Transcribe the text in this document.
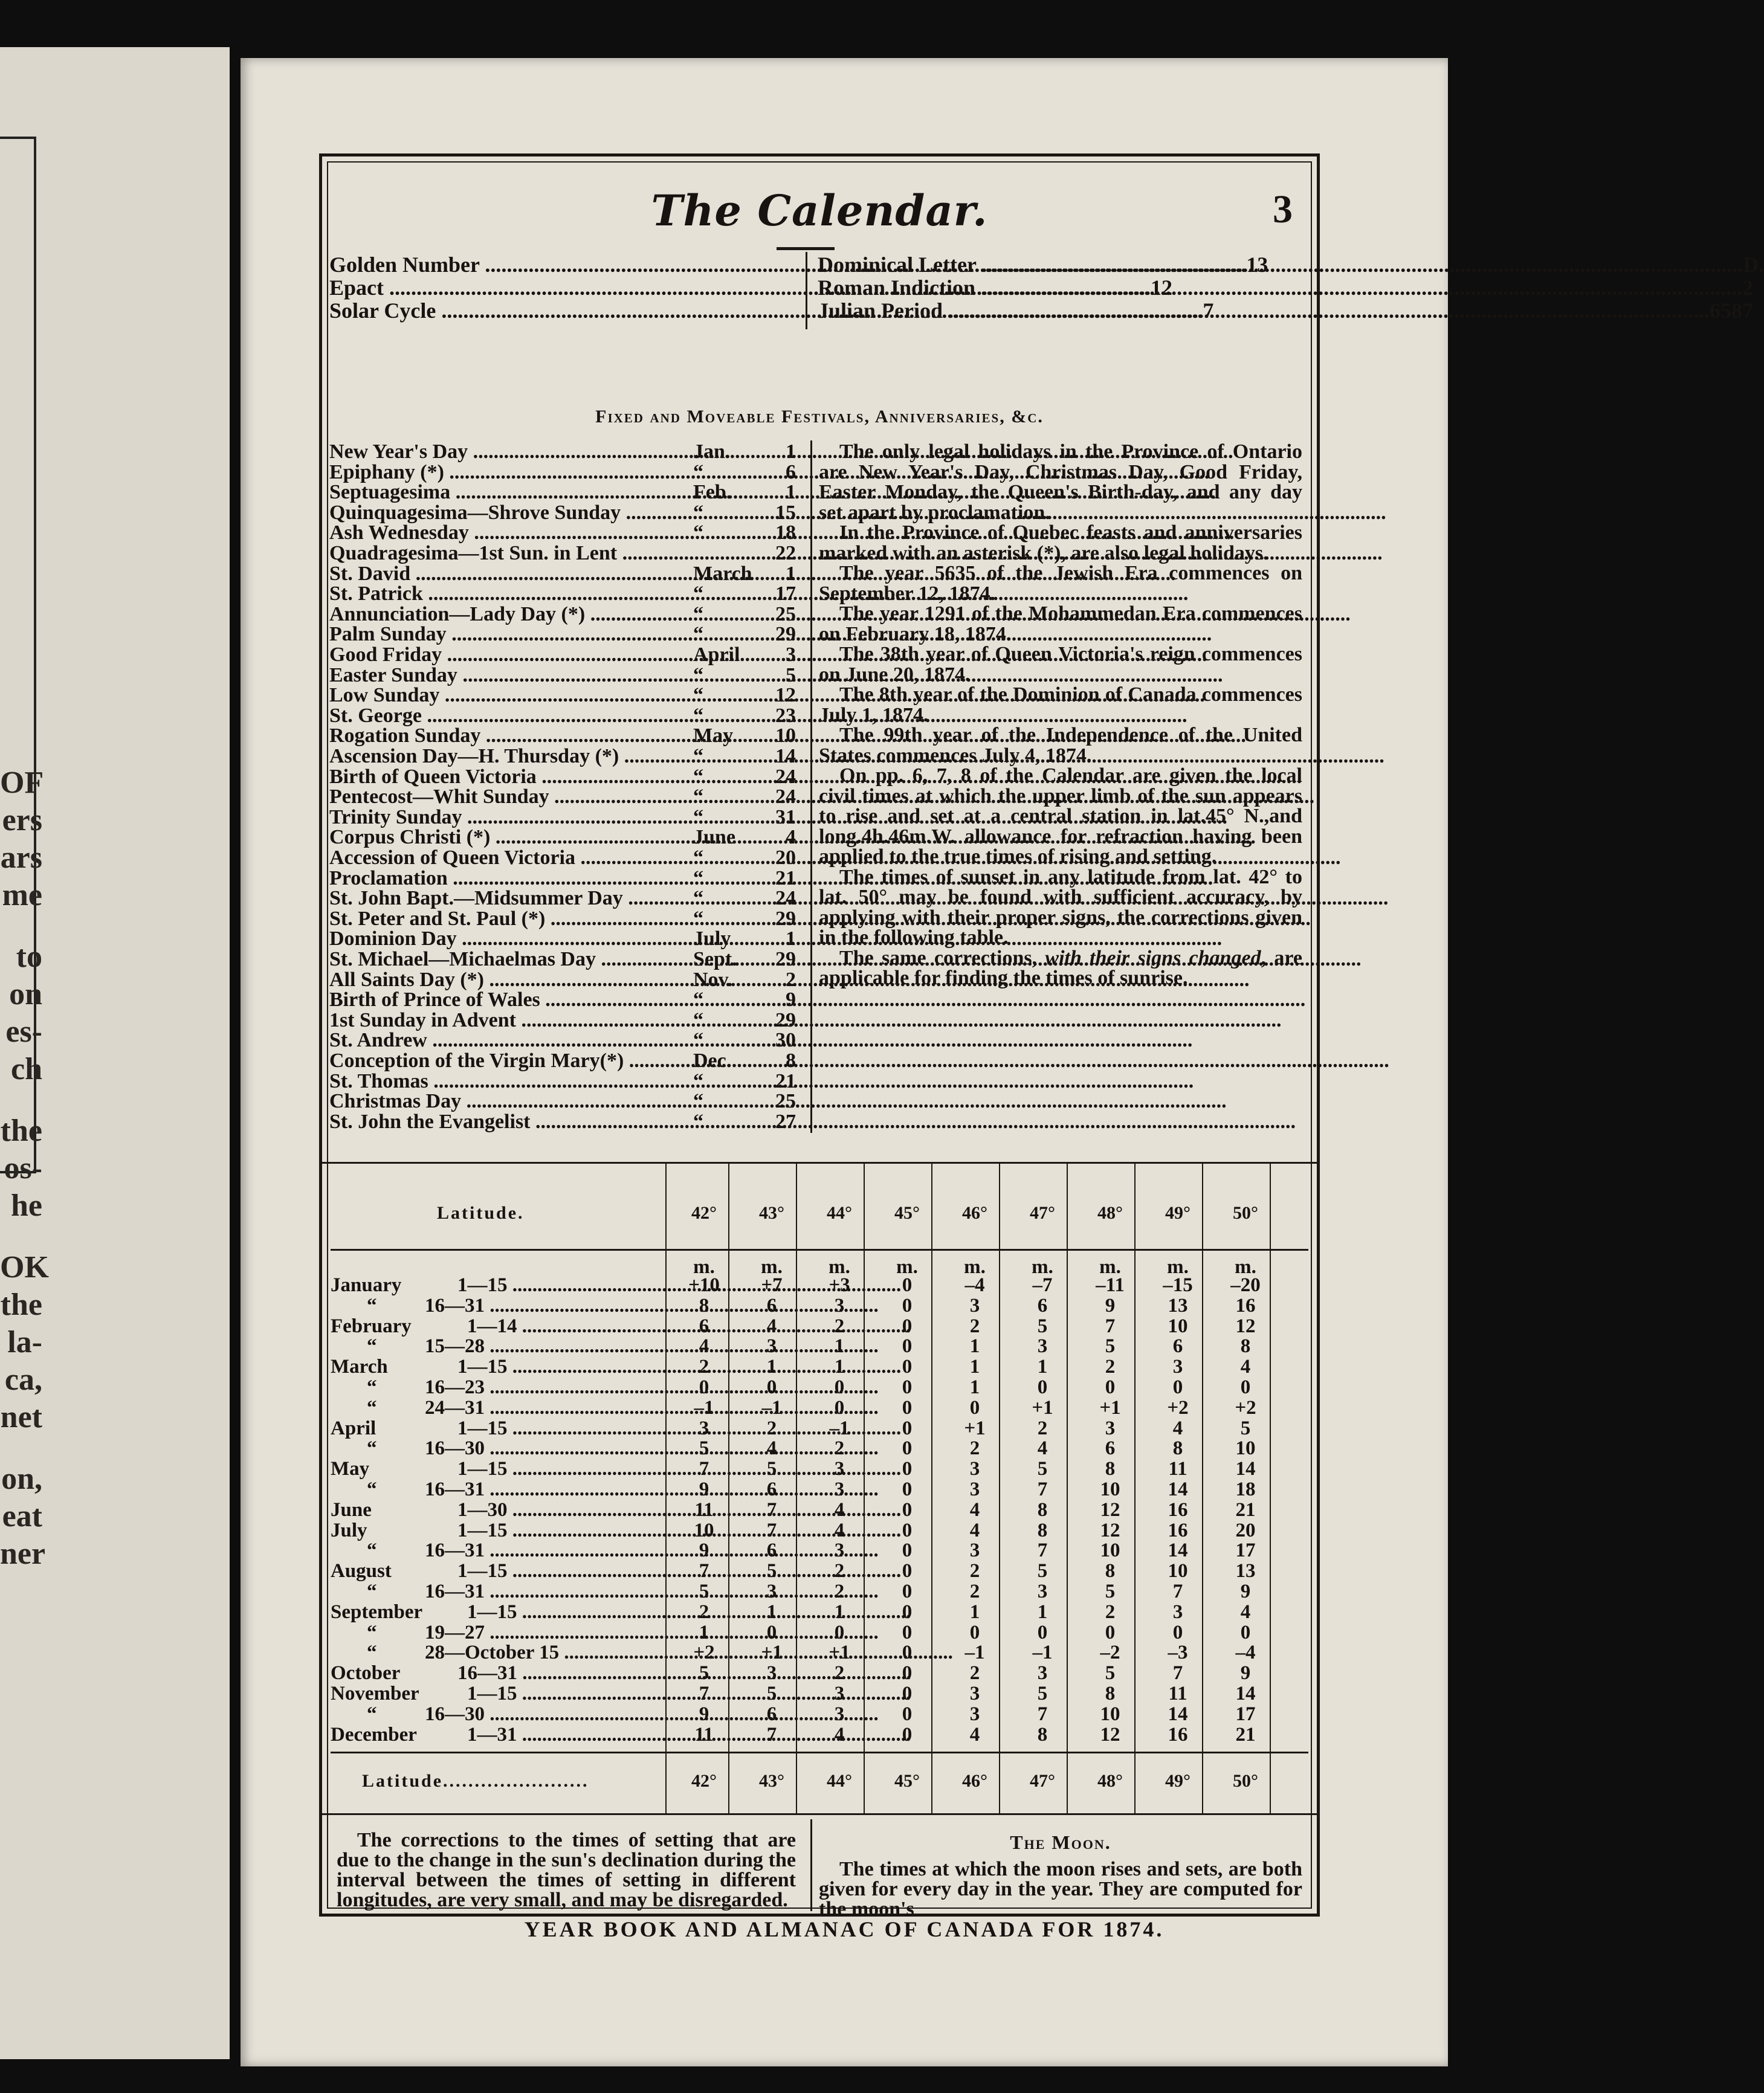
OF
ers
ars
me
to
on
es-
ch
the
os-
he
OK
the
la-
ca,
net
on,
eat
ner
The Calendar.	3
Golden Number .....	13
Epact .....	12
Solar Cycle .....	7
Dominical Letter .....	D.
Roman Indiction .....	2
Julian Period .....	6587
Fixed and Moveable Festivals, Anniversaries, &c.
New Year's Day .....	Jan.	1
Epiphany (*) .....	“	6
Septuagesima .....	Feb.	1
Quinquagesima—Shrove Sunday .....	“	15
Ash Wednesday .....	“	18
Quadragesima—1st Sun. in Lent .....	22
St. David .....	March	1
St. Patrick .....	“	17
Annunciation—Lady Day (*) .....	“	25
Palm Sunday .....	“	29
Good Friday .....	April	3
Easter Sunday .....	“	5
Low Sunday .....	“	12
St. George .....	“	23
Rogation Sunday .....	May	10
Ascension Day—H. Thursday (*) .....	“	14
Birth of Queen Victoria .....	“	24
Pentecost—Whit Sunday .....	“	24
Trinity Sunday .....	“	31
Corpus Christi (*) .....	June	4
Accession of Queen Victoria .....	“	20
Proclamation .....	“	21
St. John Bapt.—Midsummer Day .....	“	24
St. Peter and St. Paul (*) .....	“	29
Dominion Day .....	July	1
St. Michael—Michaelmas Day .....	Sept.	29
All Saints Day (*) .....	Nov.	2
Birth of Prince of Wales .....	“	9
1st Sunday in Advent .....	“	29
St. Andrew .....	“	30
Conception of the Virgin Mary(*) .....	Dec.	8
St. Thomas .....	“	21
Christmas Day .....	“	25
St. John the Evangelist .....	“	27

The only legal holidays in the Province of Ontario are New Year's Day, Christmas Day, Good Friday, Easter Monday, the Queen's Birth-day, and any day set apart by proclamation.

In the Province of Quebec feasts and anniversaries marked with an asterisk (*), are also legal holidays.

The year 5635 of the Jewish Era commences on September 12, 1874.

The year 1291 of the Mohammedan Era commences on February 18, 1874.

The 38th year of Queen Victoria's reign commences on June 20, 1874.

The 8th year of the Dominion of Canada commences July 1, 1874.

The 99th year of the Independence of the United States commences July 4, 1874.

On pp. 6, 7, 8 of the Calendar are given the local civil times at which the upper limb of the sun appears to rise and set at a central station in lat.45° N.,and long.4h.46m.W. allowance for refraction having been applied to the true times of rising and setting.

The times of sunset in any latitude from lat. 42° to lat. 50° may be found with sufficient accuracy, by applying with their proper signs, the corrections given in the following table.

The same corrections, with their signs changed, are applicable for finding the times of sunrise.

Latitude.	42°	43°	44°	45°	46°	47°	48°	49°	50°
m.	m.	m.	m.	m.	m.	m.	m.	m.
January	1—15 .....	+10	+7	+3	0	–4	–7	–11	–15	–20
“	16—31 .....	8	6	3	0	3	6	9	13	16
February	1—14 .....	6	4	2	0	2	5	7	10	12
“	15—28 .....	4	3	1	0	1	3	5	6	8
March	1—15 .....	2	1	1	0	1	1	2	3	4
“	16—23 .....	0	0	0	0	1	0	0	0	0
“	24—31 .....	–1	–1	0	0	0	+1	+1	+2	+2
April	1—15 .....	3	2	–1	0	+1	2	3	4	5
“	16—30 .....	5	4	2	0	2	4	6	8	10
May	1—15 .....	7	5	3	0	3	5	8	11	14
“	16—31 .....	9	6	3	0	3	7	10	14	18
June	1—30 .....	11	7	4	0	4	8	12	16	21
July	1—15 .....	10	7	4	0	4	8	12	16	20
“	16—31 .....	9	6	3	0	3	7	10	14	17
August	1—15 .....	7	5	2	0	2	5	8	10	13
“	16—31 .....	5	3	2	0	2	3	5	7	9
September	1—15 .....	2	1	1	0	1	1	2	3	4
“	19—27 .....	1	0	0	0	0	0	0	0	0
“	28—October 15 .....	+2	+1	+1	0	–1	–1	–2	–3	–4
October	16—31 .....	5	3	2	0	2	3	5	7	9
November	1—15 .....	7	5	3	0	3	5	8	11	14
“	16—30 .....	9	6	3	0	3	7	10	14	17
December	1—31 .....	11	7	4	0	4	8	12	16	21
Latitude.......................	42°	43°	44°	45°	46°	47°	48°	49°	50°

The corrections to the times of setting that are due to the change in the sun's declination during the interval between the times of setting in different longitudes, are very small, and may be disregarded.

The Moon.

The times at which the moon rises and sets, are both given for every day in the year. They are computed for the moon's

YEAR BOOK AND ALMANAC OF CANADA FOR 1874.
